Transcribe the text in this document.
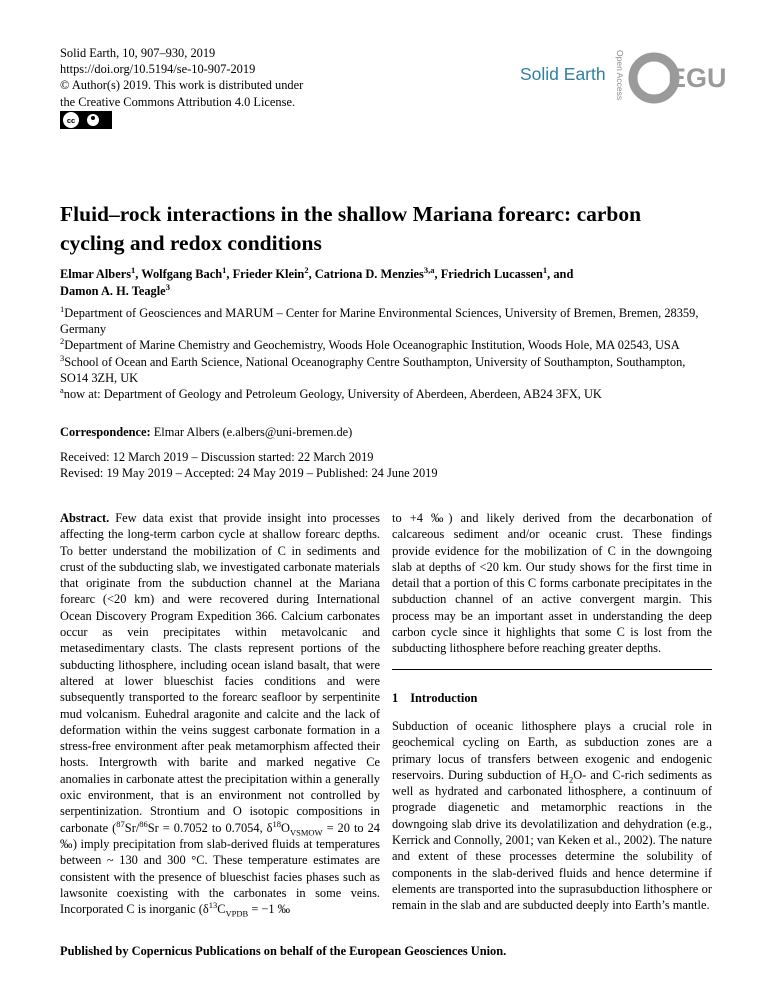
Solid Earth, 10, 907–930, 2019
https://doi.org/10.5194/se-10-907-2019
© Author(s) 2019. This work is distributed under
the Creative Commons Attribution 4.0 License.
cc
Solid Earth Open Access EGU
Fluid–rock interactions in the shallow Mariana forearc: carbon cycling and redox conditions
Elmar Albers$^1$, Wolfgang Bach$^1$, Frieder Klein$^2$, Catriona D. Menzies$^{3,a}$, Friedrich Lucassen$^1$, and
Damon A. H. Teagle$^3$
$^1$Department of Geosciences and MARUM – Center for Marine Environmental Sciences, University of Bremen, Bremen, 28359, Germany
$^2$Department of Marine Chemistry and Geochemistry, Woods Hole Oceanographic Institution, Woods Hole, MA 02543, USA
$^3$School of Ocean and Earth Science, National Oceanography Centre Southampton, University of Southampton, Southampton, SO14 3ZH, UK
$^a$now at: Department of Geology and Petroleum Geology, University of Aberdeen, Aberdeen, AB24 3FX, UK
Correspondence: Elmar Albers (e.albers@uni-bremen.de)
Received: 12 March 2019 – Discussion started: 22 March 2019
Revised: 19 May 2019 – Accepted: 24 May 2019 – Published: 24 June 2019
Abstract. Few data exist that provide insight into processes affecting the long-term carbon cycle at shallow forearc depths. To better understand the mobilization of C in sediments and crust of the subducting slab, we investigated carbonate materials that originate from the subduction channel at the Mariana forearc (<20 km) and were recovered during International Ocean Discovery Program Expedition 366. Calcium carbonates occur as vein precipitates within metavolcanic and metasedimentary clasts. The clasts represent portions of the subducting lithosphere, including ocean island basalt, that were altered at lower blueschist facies conditions and were subsequently transported to the forearc seafloor by serpentinite mud volcanism. Euhedral aragonite and calcite and the lack of deformation within the veins suggest carbonate formation in a stress-free environment after peak metamorphism affected their hosts. Intergrowth with barite and marked negative Ce anomalies in carbonate attest the precipitation within a generally oxic environment, that is an environment not controlled by serpentinization. Strontium and O isotopic compositions in carbonate ($^{87}$Sr/$^{86}$Sr = 0.7052 to 0.7054, $\delta^{18}O_{VSMOW} = 20$ to 24 ‰) imply precipitation from slab-derived fluids at temperatures between ~ 130 and 300 °C. These temperature estimates are consistent with the presence of blueschist facies phases such as lawsonite coexisting with the carbonates in some veins. Incorporated C is inorganic ($\delta^{13}C_{VPDB} = -1$ ‰
to +4 ‰) and likely derived from the decarbonation of calcareous sediment and/or oceanic crust. These findings provide evidence for the mobilization of C in the downgoing slab at depths of <20 km. Our study shows for the first time in detail that a portion of this C forms carbonate precipitates in the subduction channel of an active convergent margin. This process may be an important asset in understanding the deep carbon cycle since it highlights that some C is lost from the subducting lithosphere before reaching greater depths.
1 Introduction
Subduction of oceanic lithosphere plays a crucial role in geochemical cycling on Earth, as subduction zones are a primary locus of transfers between exogenic and endogenic reservoirs. During subduction of $H_2O-$ and C-rich sediments as well as hydrated and carbonated lithosphere, a continuum of prograde diagenetic and metamorphic reactions in the downgoing slab drive its devolatilization and dehydration (e.g., Kerrick and Connolly, 2001; van Keken et al., 2002). The nature and extent of these processes determine the solubility of components in the slab-derived fluids and hence determine if elements are transported into the suprasubduction lithosphere or remain in the slab and are subducted deeply into Earth’s mantle.
Published by Copernicus Publications on behalf of the European Geosciences Union.
